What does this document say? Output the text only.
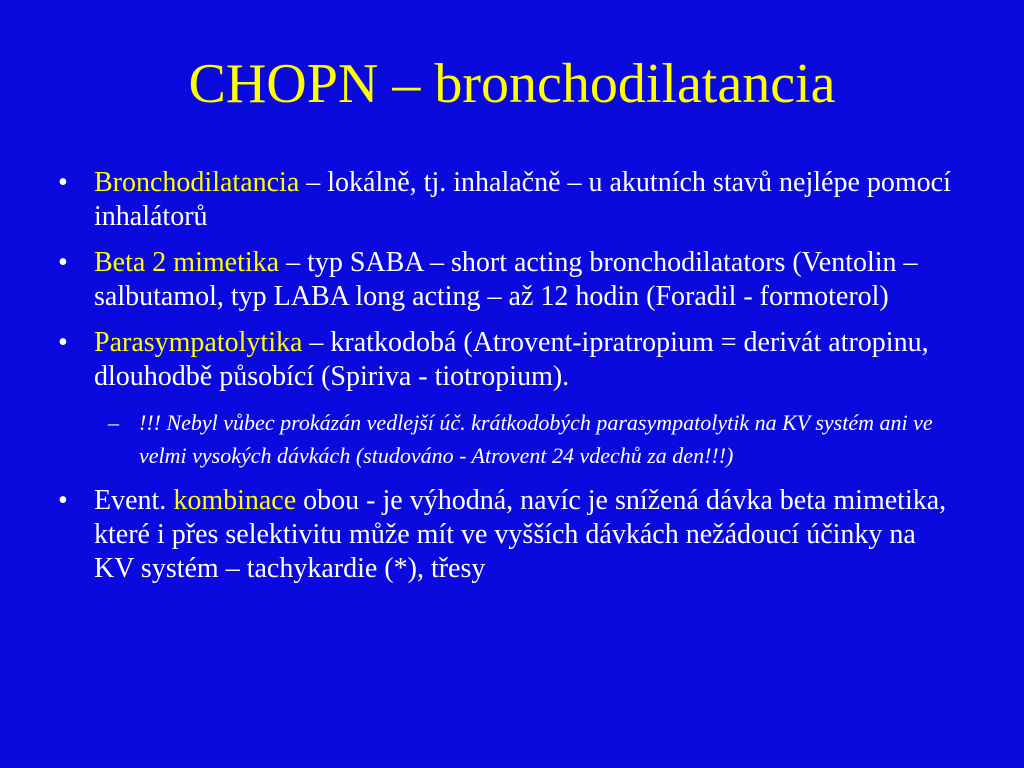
CHOPN – bronchodilatancia
• Bronchodilatancia – lokálně, tj. inhalačně – u akutních stavů nejlépe pomocí inhalátorů
• Beta 2 mimetika – typ SABA – short acting bronchodilatators (Ventolin – salbutamol, typ LABA long acting – až 12 hodin (Foradil - formoterol)
• Parasympatolytika – kratkodobá (Atrovent-ipratropium = derivát atropinu, dlouhodbě působící (Spiriva - tiotropium).
– !!! Nebyl vůbec prokázán vedlejší úč. krátkodobých parasympatolytik na KV systém ani ve velmi vysokých dávkách (studováno - Atrovent 24 vdechů za den!!!)
• Event. kombinace obou - je výhodná, navíc je snížená dávka beta mimetika, které i přes selektivitu může mít ve vyšších dávkách nežádoucí účinky na KV systém – tachykardie (*), třesy
